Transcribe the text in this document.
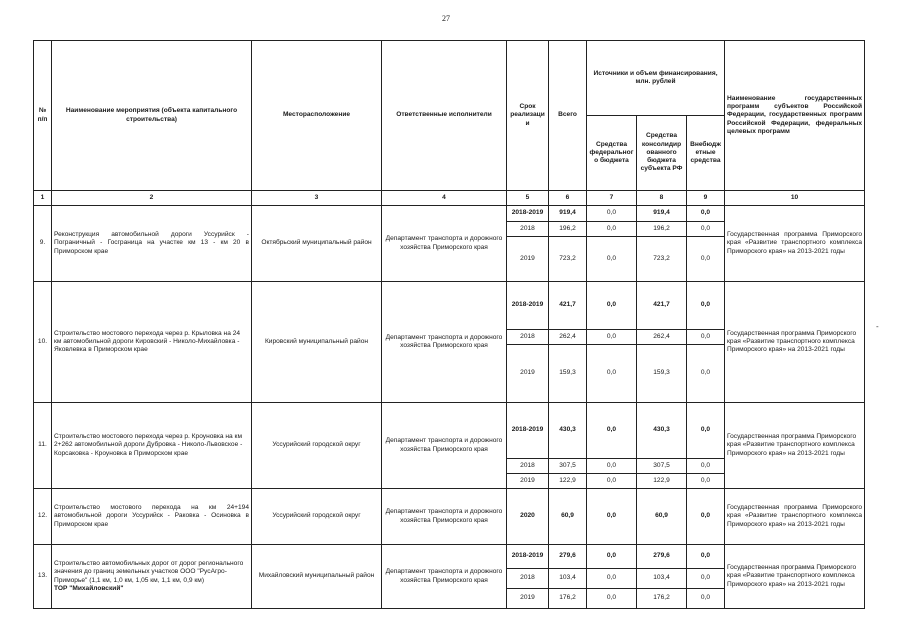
27
-
№ п/п	Наименование мероприятия (объекта капитального строительства)	Месторасположение	Ответственные исполнители	Срок реализаци и	Всего	Источники и объем финансирования, млн. рублей			Наименование государственных программ субъектов Российской Федерации, государственных программ Российской Федерации, федеральных целевых программ
						Средства федеральног о бюджета	Средства консолидир ованного бюджета субъекта РФ	Внебюдж етные средства	
1	2	3	4	5	6	7	8	9	10
9.	Реконструкция автомобильной дороги Уссурийск - Пограничный - Госграница на участке км 13 - км 20 в Приморском крае	Октябрьский муниципальный район	Департамент транспорта и дорожного хозяйства Приморского края	2018-2019	919,4	0,0	919,4	0,0	Государственная программа Приморского края «Развитие транспортного комплекса Приморского края» на 2013-2021 годы
				2018	196,2	0,0	196,2	0,0	
				2019	723,2	0,0	723,2	0,0	
10.	Строительство мостового перехода через р. Крыловка на 24 км автомобильной дороги Кировский - Николо-Михайловка - Яковлевка в Приморском крае	Кировский муниципальный район	Департамент транспорта и дорожного хозяйства Приморского края	2018-2019	421,7	0,0	421,7	0,0	Государственная программа Приморского края «Развитие транспортного комплекса Приморского края» на 2013-2021 годы
				2018	262,4	0,0	262,4	0,0	
				2019	159,3	0,0	159,3	0,0	
11.	Строительство мостового перехода через р. Кроуновка на км 2+262 автомобильной дороги Дубровка - Николо-Львовское - Корсаковка - Кроуновка в Приморском крае	Уссурийский городской округ	Департамент транспорта и дорожного хозяйства Приморского края	2018-2019	430,3	0,0	430,3	0,0	Государственная программа Приморского края «Развитие транспортного комплекса Приморского края» на 2013-2021 годы
				2018	307,5	0,0	307,5	0,0	
				2019	122,9	0,0	122,9	0,0	
12.	Строительство мостового перехода на км 24+194 автомобильной дороги Уссурийск - Раковка - Осиновка в Приморском крае	Уссурийский городской округ	Департамент транспорта и дорожного хозяйства Приморского края	2020	60,9	0,0	60,9	0,0	Государственная программа Приморского края «Развитие транспортного комплекса Приморского края» на 2013-2021 годы
13.	Строительство автомобильных дорог от дорог регионального значения до границ земельных участков ООО "РусАгро-Приморье" (1,1 км, 1,0 км, 1,05 км, 1,1 км, 0,9 км)
ТОР "Михайловский"	Михайловский муниципальный район	Департамент транспорта и дорожного хозяйства Приморского края	2018-2019	279,6	0,0	279,6	0,0	Государственная программа Приморского края «Развитие транспортного комплекса Приморского края» на 2013-2021 годы
				2018	103,4	0,0	103,4	0,0	
				2019	176,2	0,0	176,2	0,0	
